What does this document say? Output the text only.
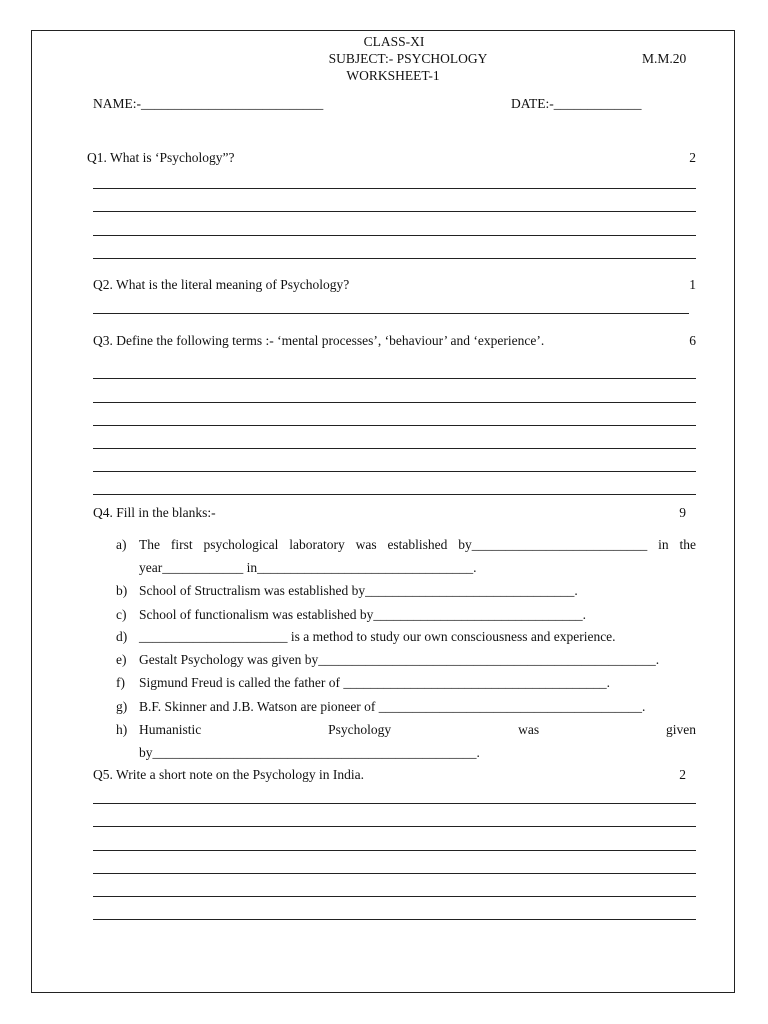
CLASS-XI
SUBJECT:- PSYCHOLOGY	M.M.20
WORKSHEET-1
NAME:-___________________________	DATE:-_____________
Q1. What is ‘Psychology”?	2
Q2. What is the literal meaning of Psychology?	1
Q3. Define the following terms :- ‘mental processes’, ‘behaviour’ and ‘experience’.	6
Q4. Fill in the blanks:-	9
a) The first psychological laboratory was established by__________________________ in the
year____________ in________________________________.
b) School of Structralism was established by_______________________________.
c) School of functionalism was established by_______________________________.
d) ______________________ is a method to study our own consciousness and experience.
e) Gestalt Psychology was given by__________________________________________________.
f) Sigmund Freud is called the father of _______________________________________.
g) B.F. Skinner and J.B. Watson are pioneer of _______________________________________.
h) Humanistic	Psychology	was	given
by________________________________________________.
Q5. Write a short note on the Psychology in India.	2
